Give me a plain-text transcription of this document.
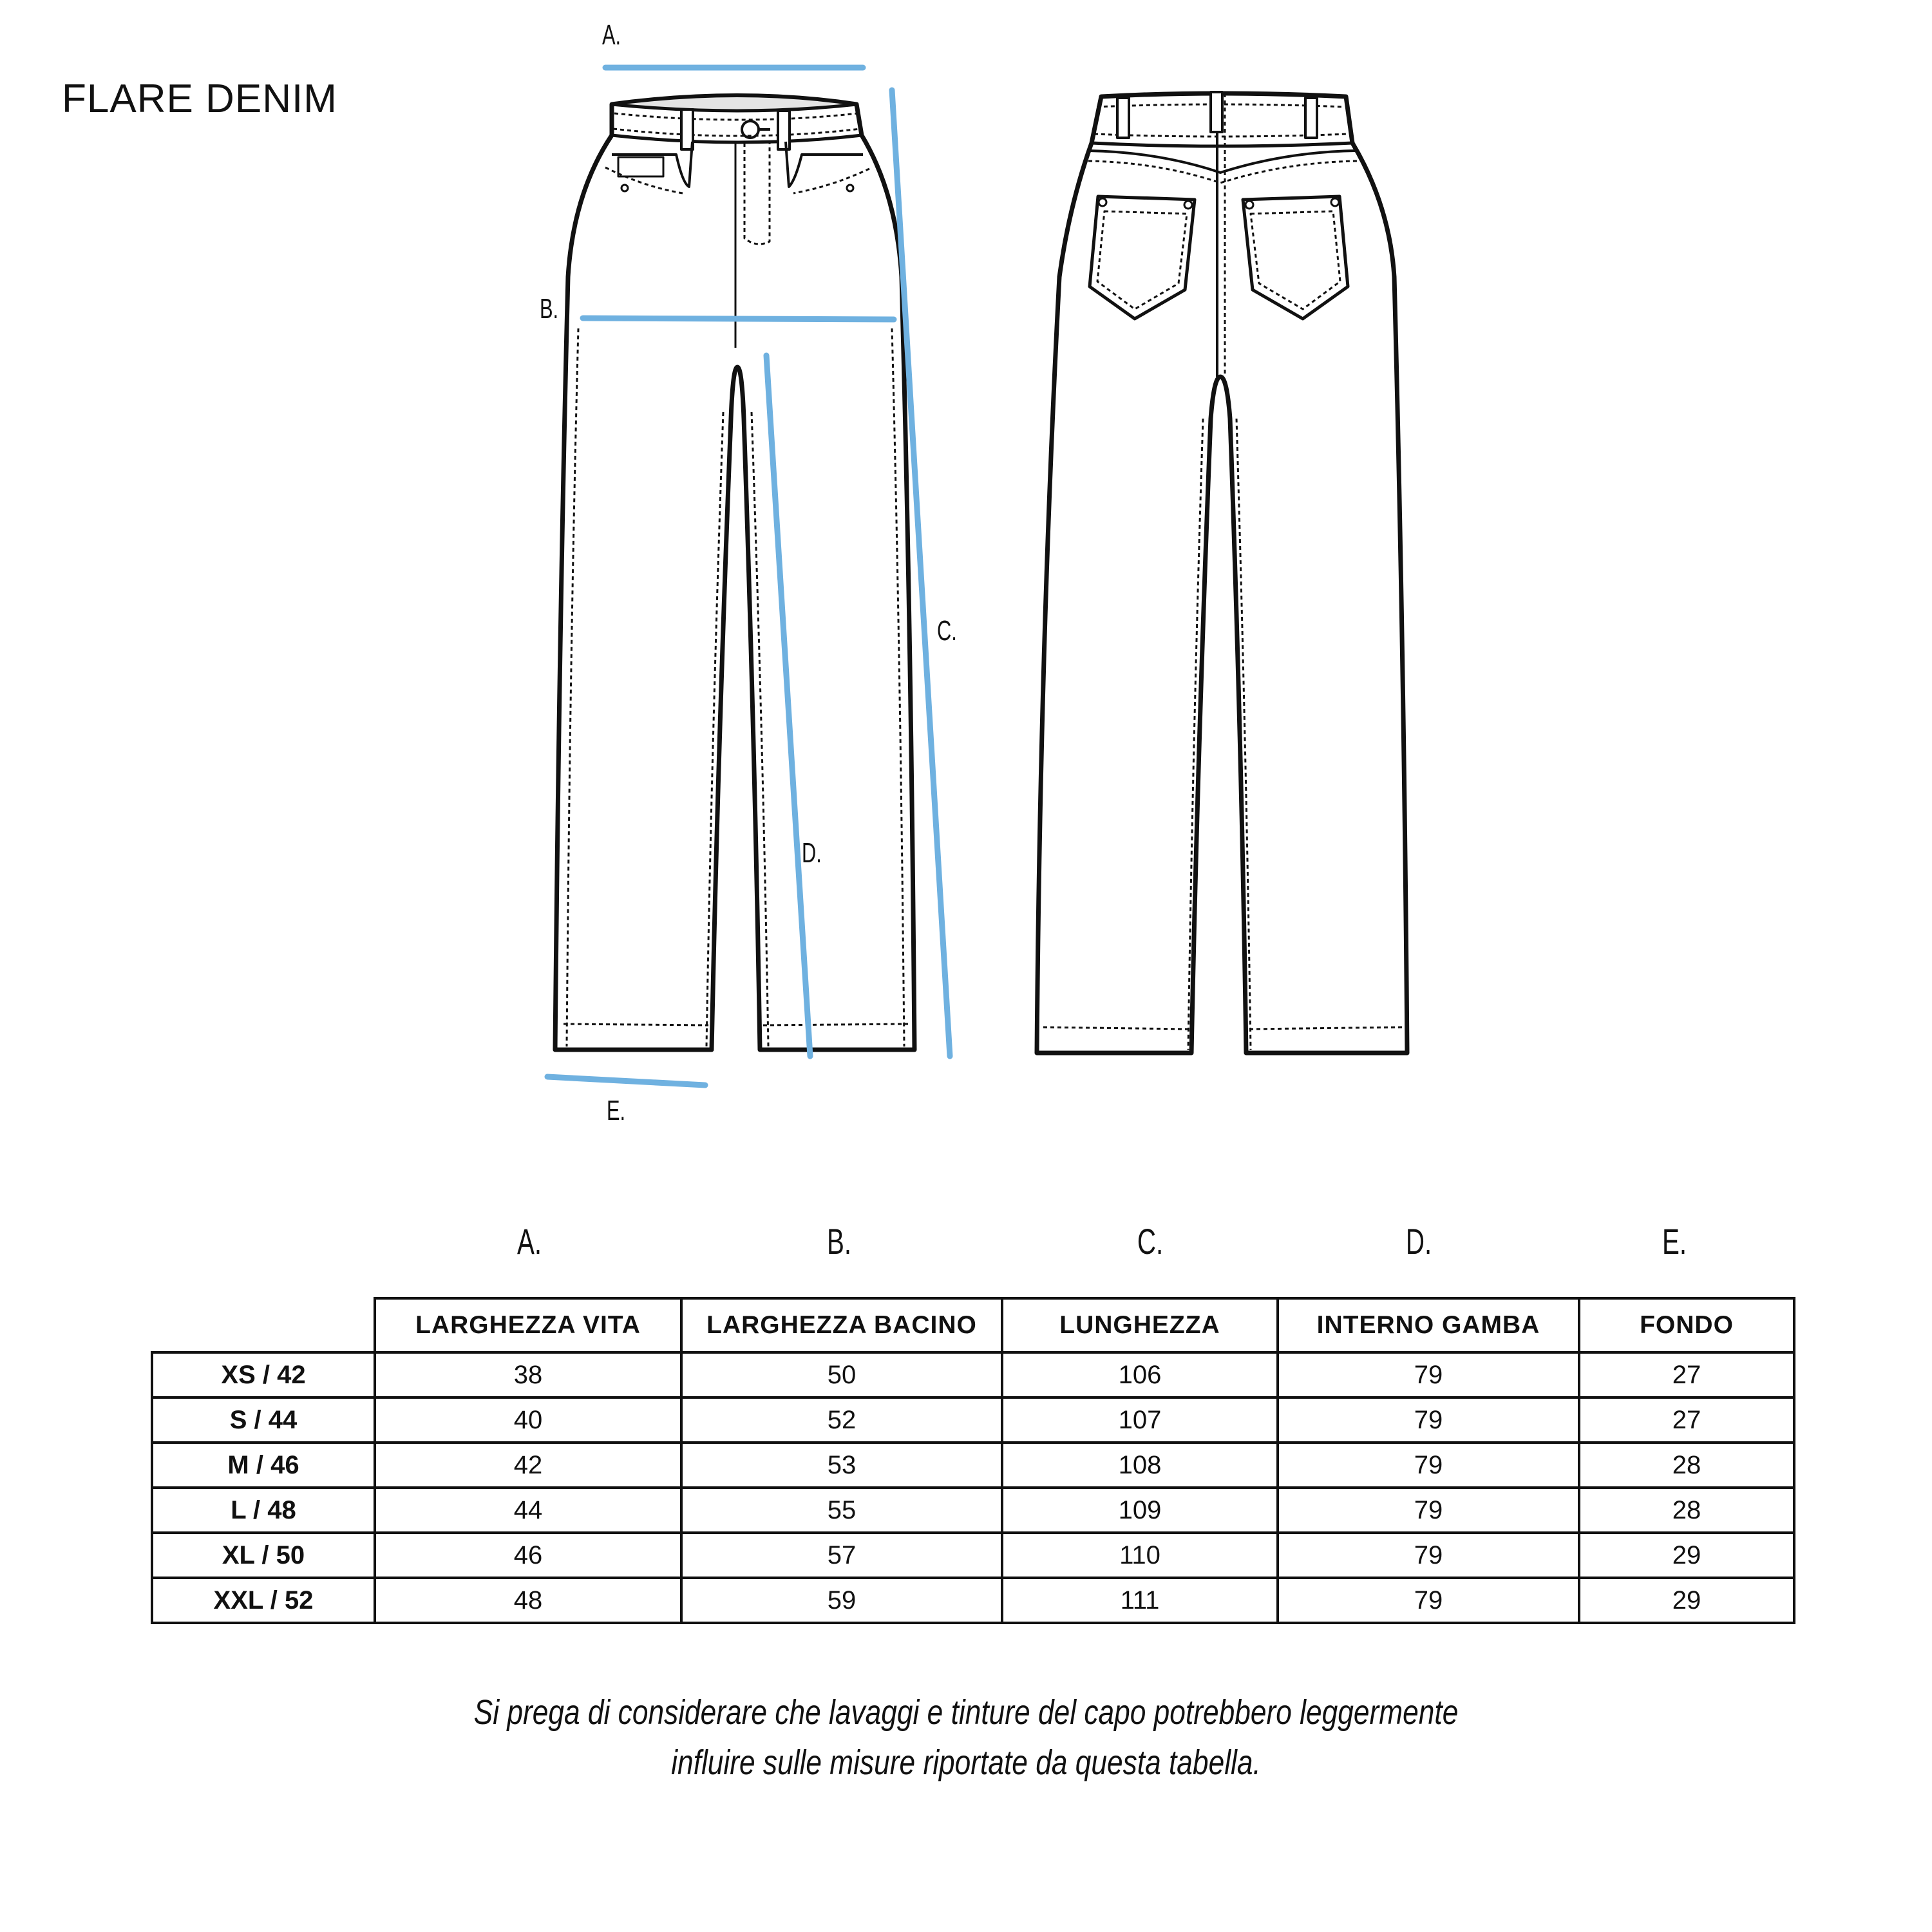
FLARE DENIM
A.
B.
C.
D.
E.
A.	B.	C.	D.	E.
	LARGHEZZA VITA	LARGHEZZA BACINO	LUNGHEZZA	INTERNO GAMBA	FONDO
XS / 42	38	50	106	79	27
S / 44	40	52	107	79	27
M / 46	42	53	108	79	28
L / 48	44	55	109	79	28
XL / 50	46	57	110	79	29
XXL / 52	48	59	111	79	29
Si prega di considerare che lavaggi e tinture del capo potrebbero leggermente
influire sulle misure riportate da questa tabella.
